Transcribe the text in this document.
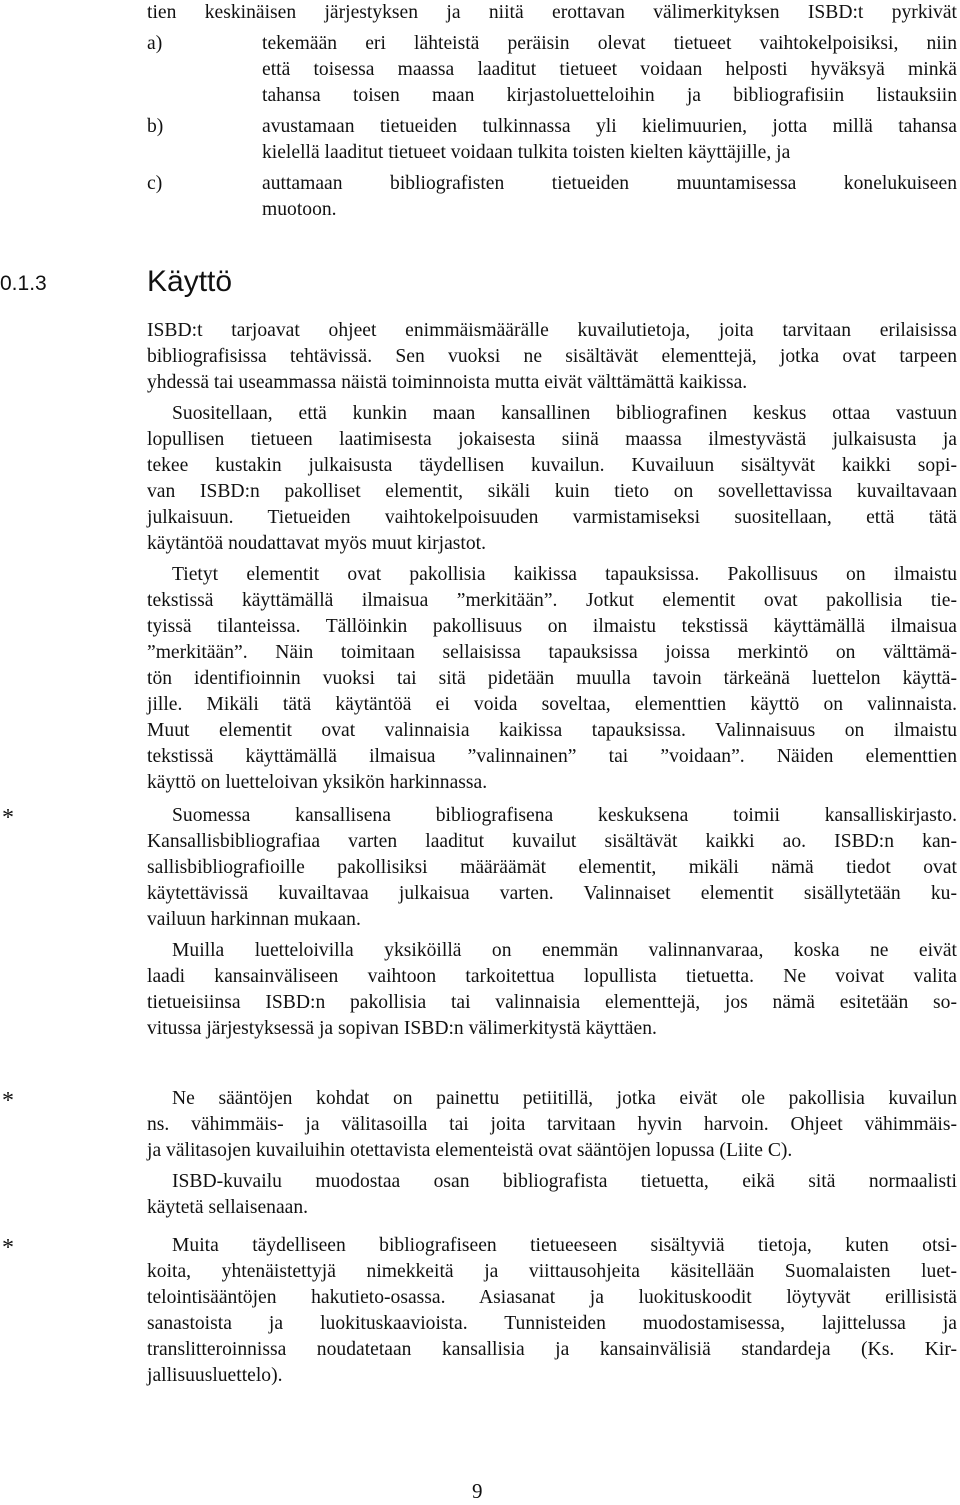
tien keskinäisen järjestyksen ja niitä erottavan välimerkityksen ISBD:t pyrkivät
a)	tekemään eri lähteistä peräisin olevat tietueet vaihtokelpoisiksi, niin
että toisessa maassa laaditut tietueet voidaan helposti hyväksyä minkä
tahansa toisen maan kirjastoluetteloihin ja bibliografisiin listauksiin
b)	avustamaan tietueiden tulkinnassa yli kielimuurien, jotta millä tahansa
kielellä laaditut tietueet voidaan tulkita toisten kielten käyttäjille, ja
c)	auttamaan bibliografisten tietueiden muuntamisessa konelukuiseen
muotoon.
0.1.3	Käyttö
ISBD:t tarjoavat ohjeet enimmäismäärälle kuvailutietoja, joita tarvitaan erilaisissa
bibliografisissa tehtävissä. Sen vuoksi ne sisältävät elementtejä, jotka ovat tarpeen
yhdessä tai useammassa näistä toiminnoista mutta eivät välttämättä kaikissa.
Suositellaan, että kunkin maan kansallinen bibliografinen keskus ottaa vastuun
lopullisen tietueen laatimisesta jokaisesta siinä maassa ilmestyvästä julkaisusta ja
tekee kustakin julkaisusta täydellisen kuvailun. Kuvailuun sisältyvät kaikki sopi-
van ISBD:n pakolliset elementit, sikäli kuin tieto on sovellettavissa kuvailtavaan
julkaisuun. Tietueiden vaihtokelpoisuuden varmistamiseksi suositellaan, että tätä
käytäntöä noudattavat myös muut kirjastot.
Tietyt elementit ovat pakollisia kaikissa tapauksissa. Pakollisuus on ilmaistu
tekstissä käyttämällä ilmaisua ”merkitään”. Jotkut elementit ovat pakollisia tie-
tyissä tilanteissa. Tällöinkin pakollisuus on ilmaistu tekstissä käyttämällä ilmaisua
”merkitään”. Näin toimitaan sellaisissa tapauksissa joissa merkintö on välttämä-
tön identifioinnin vuoksi tai sitä pidetään muulla tavoin tärkeänä luettelon käyttä-
jille. Mikäli tätä käytäntöä ei voida soveltaa, elementtien käyttö on valinnaista.
Muut elementit ovat valinnaisia kaikissa tapauksissa. Valinnaisuus on ilmaistu
tekstissä käyttämällä ilmaisua ”valinnainen” tai ”voidaan”. Näiden elementtien
käyttö on luetteloivan yksikön harkinnassa.
*	Suomessa kansallisena bibliografisena keskuksena toimii kansalliskirjasto.
Kansallisbibliografiaa varten laaditut kuvailut sisältävät kaikki ao. ISBD:n kan-
sallisbibliografioille pakollisiksi määräämät elementit, mikäli nämä tiedot ovat
käytettävissä kuvailtavaa julkaisua varten. Valinnaiset elementit sisällytetään ku-
vailuun harkinnan mukaan.
Muilla luetteloivilla yksiköillä on enemmän valinnanvaraa, koska ne eivät
laadi kansainväliseen vaihtoon tarkoitettua lopullista tietuetta. Ne voivat valita
tietueisiinsa ISBD:n pakollisia tai valinnaisia elementtejä, jos nämä esitetään so-
vitussa järjestyksessä ja sopivan ISBD:n välimerkitystä käyttäen.
*	Ne sääntöjen kohdat on painettu petiitillä, jotka eivät ole pakollisia kuvailun
ns. vähimmäis- ja välitasoilla tai joita tarvitaan hyvin harvoin. Ohjeet vähimmäis-
ja välitasojen kuvailuihin otettavista elementeistä ovat sääntöjen lopussa (Liite C).
ISBD-kuvailu muodostaa osan bibliografista tietuetta, eikä sitä normaalisti
käytetä sellaisenaan.
*	Muita täydelliseen bibliografiseen tietueeseen sisältyviä tietoja, kuten otsi-
koita, yhtenäistettyjä nimekkeitä ja viittausohjeita käsitellään Suomalaisten luet-
telointisääntöjen hakutieto-osassa. Asiasanat ja luokituskoodit löytyvät erillisistä
sanastoista ja luokituskaavioista. Tunnisteiden muodostamisessa, lajittelussa ja
translitteroinnissa noudatetaan kansallisia ja kansainvälisiä standardeja (Ks. Kir-
jallisuusluettelo).
9
